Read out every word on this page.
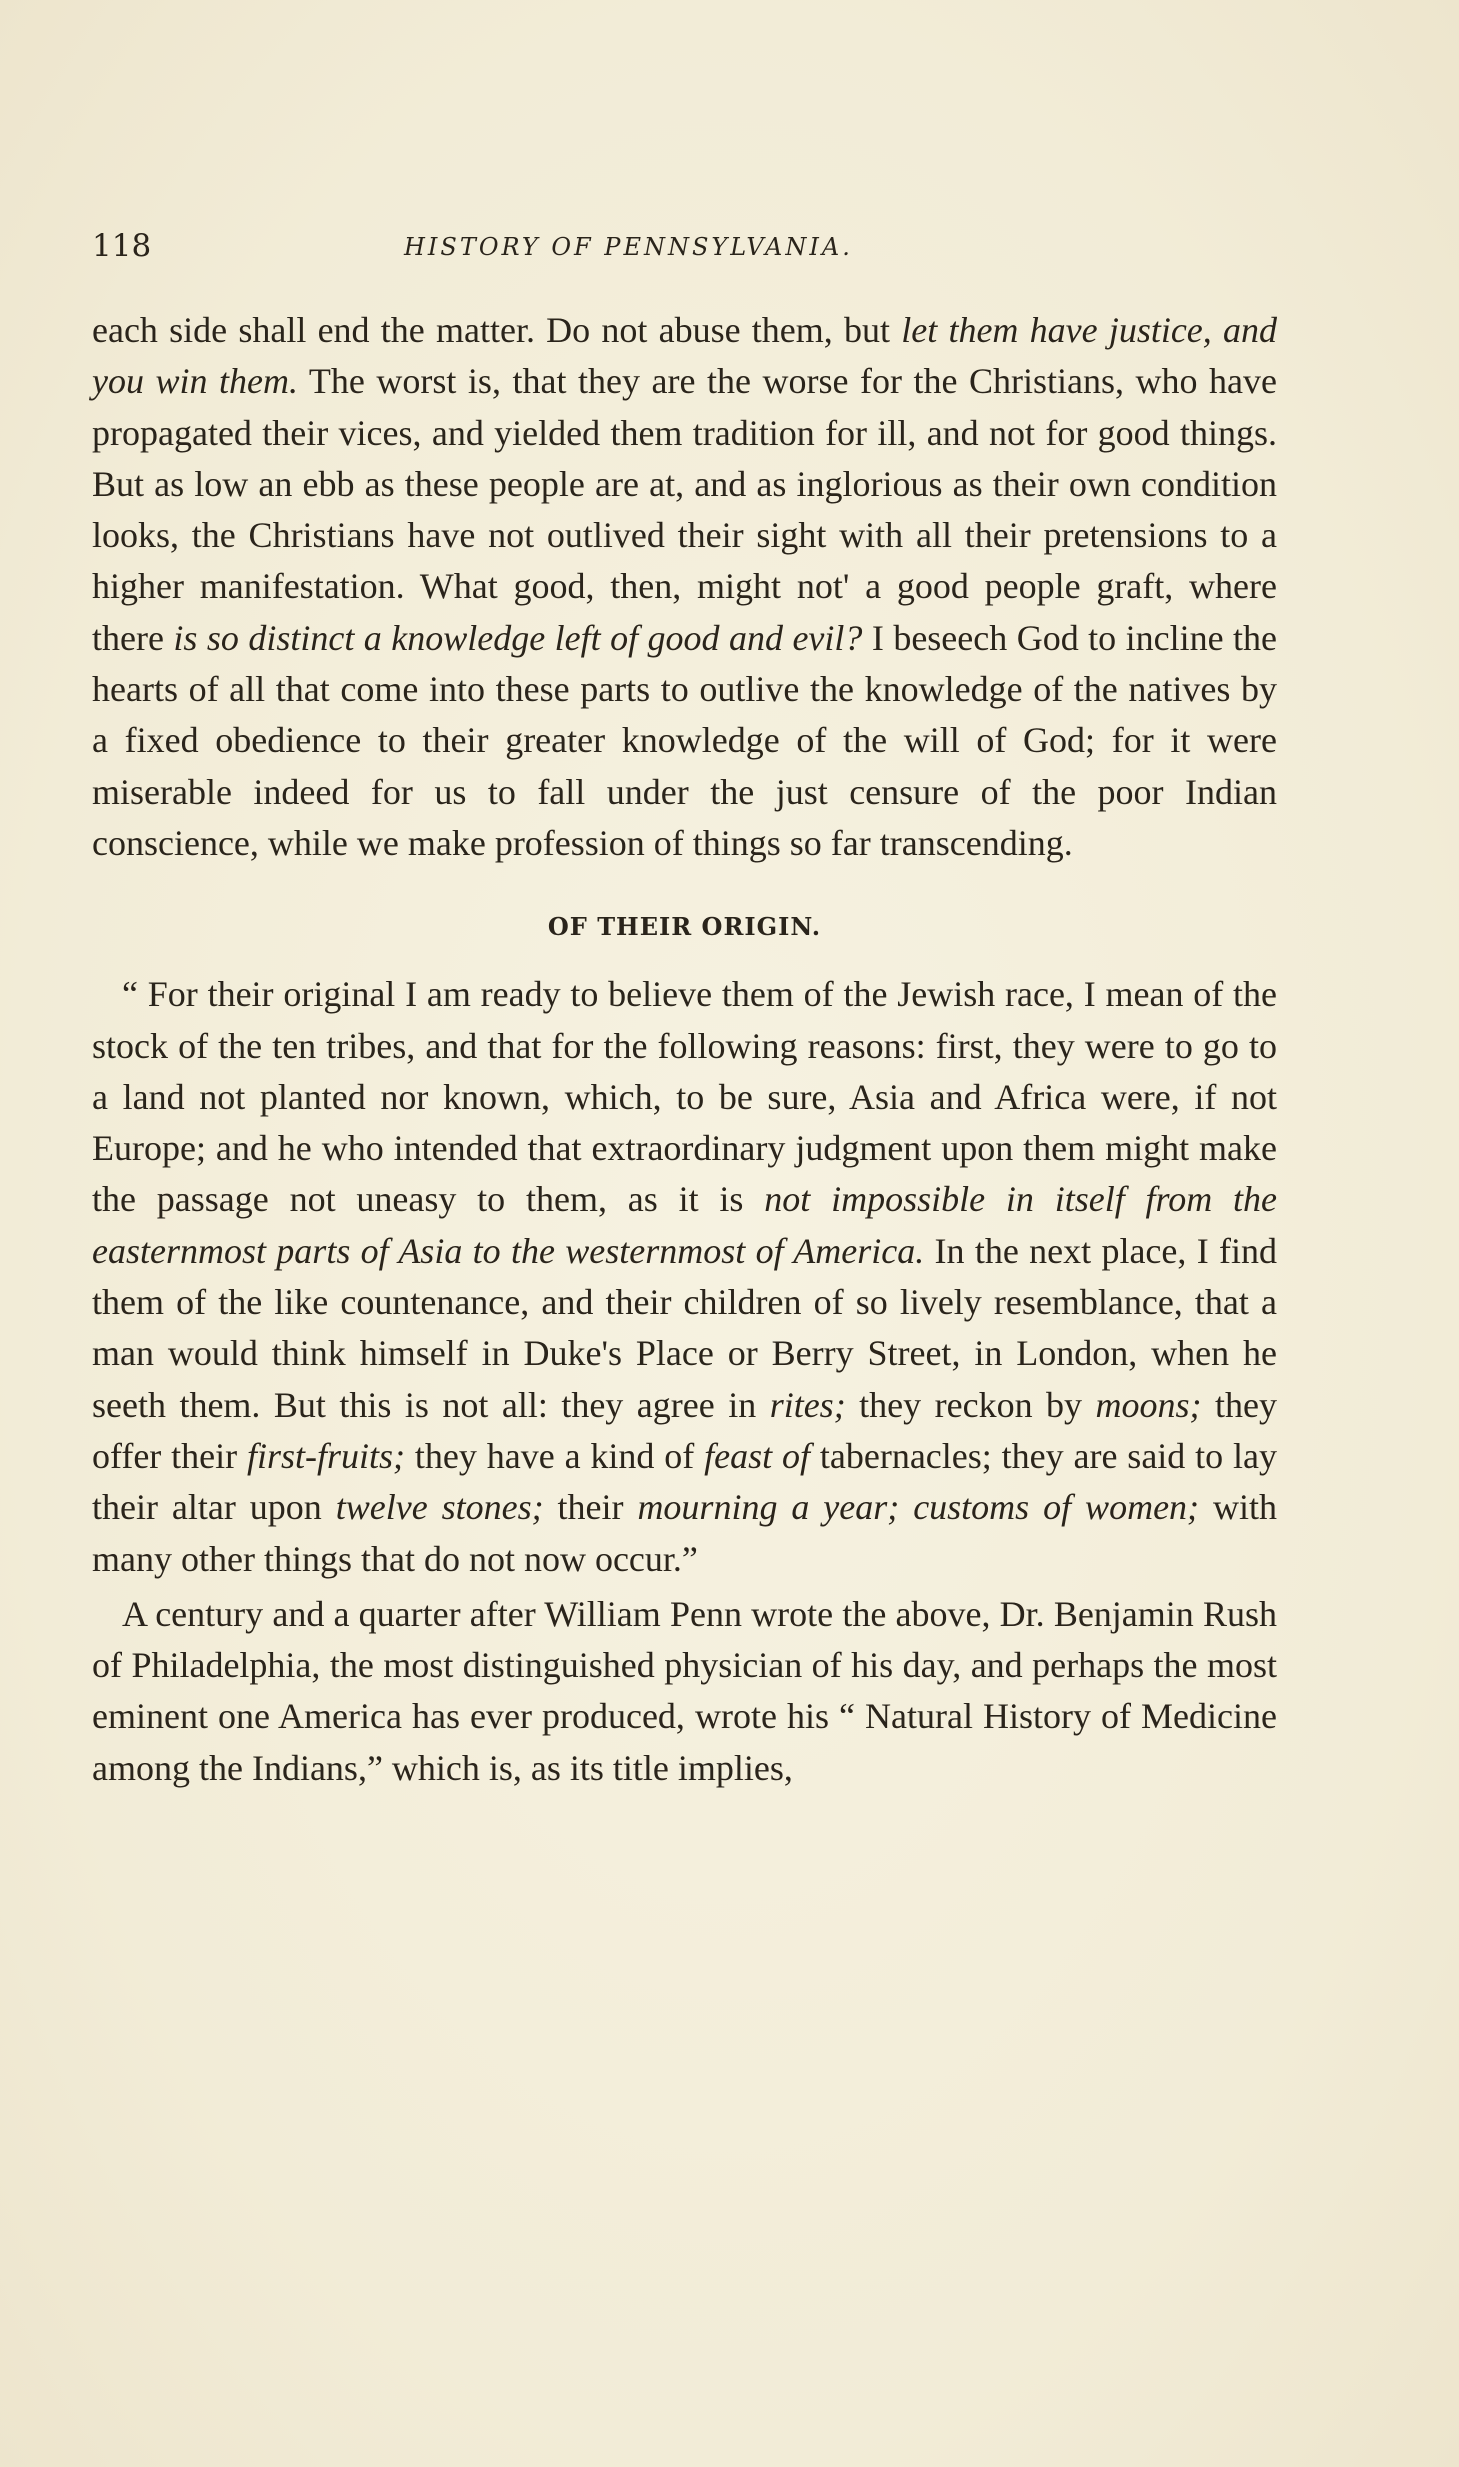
118	HISTORY OF PENNSYLVANIA.

each side shall end the matter. Do not abuse them, but let them have justice, and you win them. The worst is, that they are the worse for the Christians, who have propagated their vices, and yielded them tradition for ill, and not for good things. But as low an ebb as these people are at, and as inglorious as their own condition looks, the Christians have not outlived their sight with all their pretensions to a higher manifestation. What good, then, might not' a good people graft, where there is so distinct a knowledge left of good and evil? I beseech God to incline the hearts of all that come into these parts to outlive the knowledge of the natives by a fixed obedience to their greater knowledge of the will of God; for it were miserable indeed for us to fall under the just censure of the poor Indian conscience, while we make profession of things so far transcending.

OF THEIR ORIGIN.

“ For their original I am ready to believe them of the Jewish race, I mean of the stock of the ten tribes, and that for the following reasons: first, they were to go to a land not planted nor known, which, to be sure, Asia and Africa were, if not Europe; and he who intended that extraordinary judgment upon them might make the passage not uneasy to them, as it is not impossible in itself from the easternmost parts of Asia to the westernmost of America. In the next place, I find them of the like countenance, and their children of so lively resemblance, that a man would think himself in Duke's Place or Berry Street, in London, when he seeth them. But this is not all: they agree in rites; they reckon by moons; they offer their first-fruits; they have a kind of feast of tabernacles; they are said to lay their altar upon twelve stones; their mourning a year; customs of women; with many other things that do not now occur.”

A century and a quarter after William Penn wrote the above, Dr. Benjamin Rush of Philadelphia, the most distinguished physician of his day, and perhaps the most eminent one America has ever produced, wrote his “ Natural History of Medicine among the Indians,” which is, as its title implies,
